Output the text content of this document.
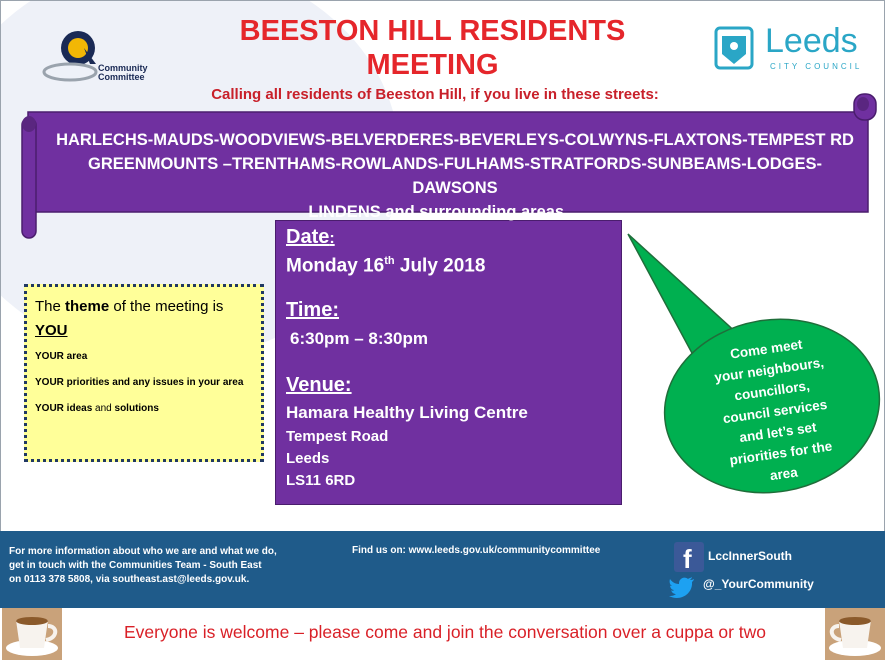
Community
Committee
BEESTON HILL RESIDENTS
MEETING
Calling all residents of Beeston Hill, if you live in these streets:
Leeds
CITY COUNCIL
HARLECHS-MAUDS-WOODVIEWS-BELVERDERES-BEVERLEYS-COLWYNS-FLAXTONS-TEMPEST RD
GREENMOUNTS –TRENTHAMS-ROWLANDS-FULHAMS-STRATFORDS-SUNBEAMS-LODGES-DAWSONS
LINDENS and surrounding areas…….
Date:
Monday 16th July 2018
Time:
6:30pm – 8:30pm
Venue:
Hamara Healthy Living Centre
Tempest Road
Leeds
LS11 6RD
The theme of the meeting is YOU
YOUR area
YOUR priorities and any issues in your area
YOUR ideas and solutions
Come meet
your neighbours,
councillors,
council services
and let’s set
priorities for the
area
For more information about who we are and what we do,
get in touch with the Communities Team - South East
on 0113 378 5808, via southeast.ast@leeds.gov.uk.
Find us on: www.leeds.gov.uk/communitycommittee	f LccInnerSouth
@_YourCommunity
Everyone is welcome – please come and join the conversation over a cuppa or two
